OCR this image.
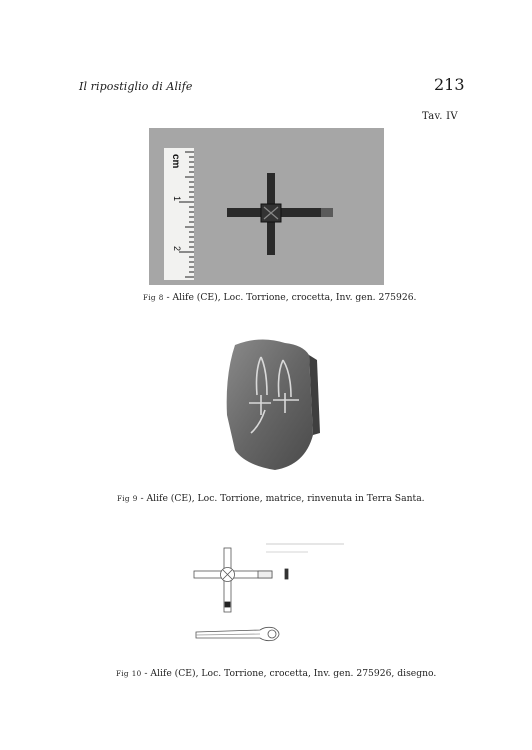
Il ripostiglio di Alife	213
Tav. IV
cm
1
2
Fig 8 - Alife (CE), Loc. Torrione, crocetta, Inv. gen. 275926.
Fig 9 - Alife (CE), Loc. Torrione, matrice, rinvenuta in Terra Santa.
Fig 10 - Alife (CE), Loc. Torrione, crocetta, Inv. gen. 275926, disegno.
